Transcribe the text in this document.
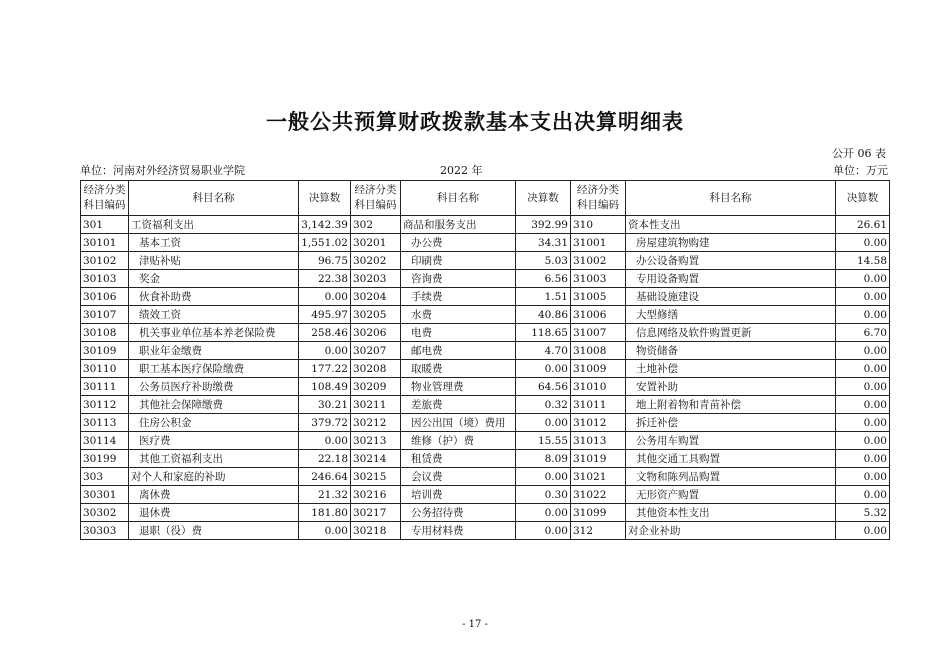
一般公共预算财政拨款基本支出决算明细表
公开 06 表
单位：河南对外经济贸易职业学院	2022 年	单位：万元
经济分类科目编码	科目名称	决算数	经济分类科目编码	科目名称	决算数	经济分类科目编码	科目名称	决算数
301	工资福利支出	3,142.39	302	商品和服务支出	392.99	310	资本性支出	26.61
30101	基本工资	1,551.02	30201	办公费	34.31	31001	房屋建筑物购建	0.00
30102	津贴补贴	96.75	30202	印刷费	5.03	31002	办公设备购置	14.58
30103	奖金	22.38	30203	咨询费	6.56	31003	专用设备购置	0.00
30106	伙食补助费	0.00	30204	手续费	1.51	31005	基础设施建设	0.00
30107	绩效工资	495.97	30205	水费	40.86	31006	大型修缮	0.00
30108	机关事业单位基本养老保险费	258.46	30206	电费	118.65	31007	信息网络及软件购置更新	6.70
30109	职业年金缴费	0.00	30207	邮电费	4.70	31008	物资储备	0.00
30110	职工基本医疗保险缴费	177.22	30208	取暖费	0.00	31009	土地补偿	0.00
30111	公务员医疗补助缴费	108.49	30209	物业管理费	64.56	31010	安置补助	0.00
30112	其他社会保障缴费	30.21	30211	差旅费	0.32	31011	地上附着物和青苗补偿	0.00
30113	住房公积金	379.72	30212	因公出国（境）费用	0.00	31012	拆迁补偿	0.00
30114	医疗费	0.00	30213	维修（护）费	15.55	31013	公务用车购置	0.00
30199	其他工资福利支出	22.18	30214	租赁费	8.09	31019	其他交通工具购置	0.00
303	对个人和家庭的补助	246.64	30215	会议费	0.00	31021	文物和陈列品购置	0.00
30301	离休费	21.32	30216	培训费	0.30	31022	无形资产购置	0.00
30302	退休费	181.80	30217	公务招待费	0.00	31099	其他资本性支出	5.32
30303	退职（役）费	0.00	30218	专用材料费	0.00	312	对企业补助	0.00
- 17 -
